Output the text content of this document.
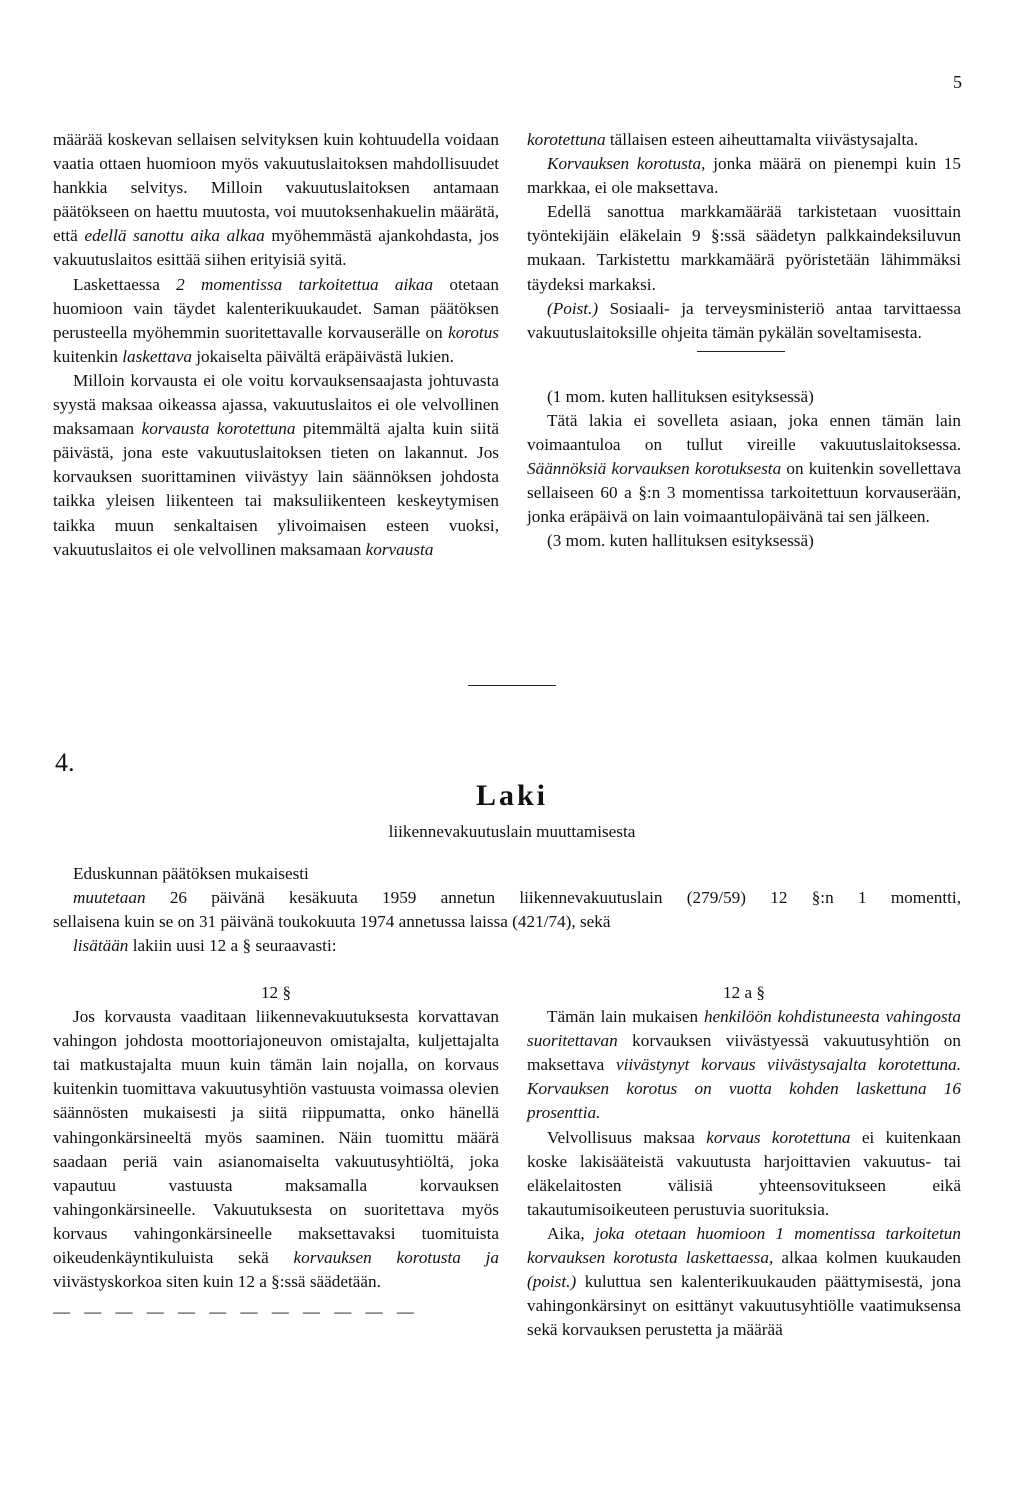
5
määrää koskevan sellaisen selvityksen kuin kohtuudella voidaan vaatia ottaen huomioon myös vakuutuslaitoksen mahdollisuudet hankkia selvitys. Milloin vakuutuslaitoksen antamaan päätökseen on haettu muutosta, voi muutoksenhakuelin määrätä, että edellä sanottu aika alkaa myöhemmästä ajankohdasta, jos vakuutuslaitos esittää siihen erityisiä syitä.
Laskettaessa 2 momentissa tarkoitettua aikaa otetaan huomioon vain täydet kalenterikuukaudet. Saman päätöksen perusteella myöhemmin suoritettavalle korvauserälle on korotus kuitenkin laskettava jokaiselta päivältä eräpäivästä lukien.
Milloin korvausta ei ole voitu korvauksensaajasta johtuvasta syystä maksaa oikeassa ajassa, vakuutuslaitos ei ole velvollinen maksamaan korvausta korotettuna pitemmältä ajalta kuin siitä päivästä, jona este vakuutuslaitoksen tieten on lakannut. Jos korvauksen suorittaminen viivästyy lain säännöksen johdosta taikka yleisen liikenteen tai maksuliikenteen keskeytymisen taikka muun senkaltaisen ylivoimaisen esteen vuoksi, vakuutuslaitos ei ole velvollinen maksamaan korvausta
korotettuna tällaisen esteen aiheuttamalta viivästysajalta.
Korvauksen korotusta, jonka määrä on pienempi kuin 15 markkaa, ei ole maksettava.
Edellä sanottua markkamäärää tarkistetaan vuosittain työntekijäin eläkelain 9 §:ssä säädetyn palkkaindeksiluvun mukaan. Tarkistettu markkamäärä pyöristetään lähimmäksi täydeksi markaksi.
(Poist.) Sosiaali- ja terveysministeriö antaa tarvittaessa vakuutuslaitoksille ohjeita tämän pykälän soveltamisesta.
(1 mom. kuten hallituksen esityksessä)
Tätä lakia ei sovelleta asiaan, joka ennen tämän lain voimaantuloa on tullut vireille vakuutuslaitoksessa. Säännöksiä korvauksen korotuksesta on kuitenkin sovellettava sellaiseen 60 a §:n 3 momentissa tarkoitettuun korvauserään, jonka eräpäivä on lain voimaantulopäivänä tai sen jälkeen.
(3 mom. kuten hallituksen esityksessä)
4.
Laki
liikennevakuutuslain muuttamisesta

Eduskunnan päätöksen mukaisesti

muutetaan 26 päivänä kesäkuuta 1959 annetun liikennevakuutuslain (279/59) 12 §:n 1 momentti,

sellaisena kuin se on 31 päivänä toukokuuta 1974 annetussa laissa (421/74), sekä

lisätään lakiin uusi 12 a § seuraavasti:

12 §
Jos korvausta vaaditaan liikennevakuutuksesta korvattavan vahingon johdosta moottoriajoneuvon omistajalta, kuljettajalta tai matkustajalta muun kuin tämän lain nojalla, on korvaus kuitenkin tuomittava vakuutusyhtiön vastuusta voimassa olevien säännösten mukaisesti ja siitä riippumatta, onko hänellä vahingonkärsineeltä myös saaminen. Näin tuomittu määrä saadaan periä vain asianomaiselta vakuutusyhtiöltä, joka vapautuu vastuusta maksamalla korvauksen vahingonkärsineelle. Vakuutuksesta on suoritettava myös korvaus vahingonkärsineelle maksettavaksi tuomituista oikeudenkäyntikuluista sekä korvauksen korotusta ja viivästyskorkoa siten kuin 12 a §:ssä säädetään.
— — — — — — — — — — — —
12 a §
Tämän lain mukaisen henkilöön kohdistuneesta vahingosta suoritettavan korvauksen viivästyessä vakuutusyhtiön on maksettava viivästynyt korvaus viivästysajalta korotettuna. Korvauksen korotus on vuotta kohden laskettuna 16 prosenttia.
Velvollisuus maksaa korvaus korotettuna ei kuitenkaan koske lakisääteistä vakuutusta harjoittavien vakuutus- tai eläkelaitosten välisiä yhteensovitukseen eikä takautumisoikeuteen perustuvia suorituksia.
Aika, joka otetaan huomioon 1 momentissa tarkoitetun korvauksen korotusta laskettaessa, alkaa kolmen kuukauden (poist.) kuluttua sen kalenterikuukauden päättymisestä, jona vahingonkärsinyt on esittänyt vakuutusyhtiölle vaatimuksensa sekä korvauksen perustetta ja määrää
